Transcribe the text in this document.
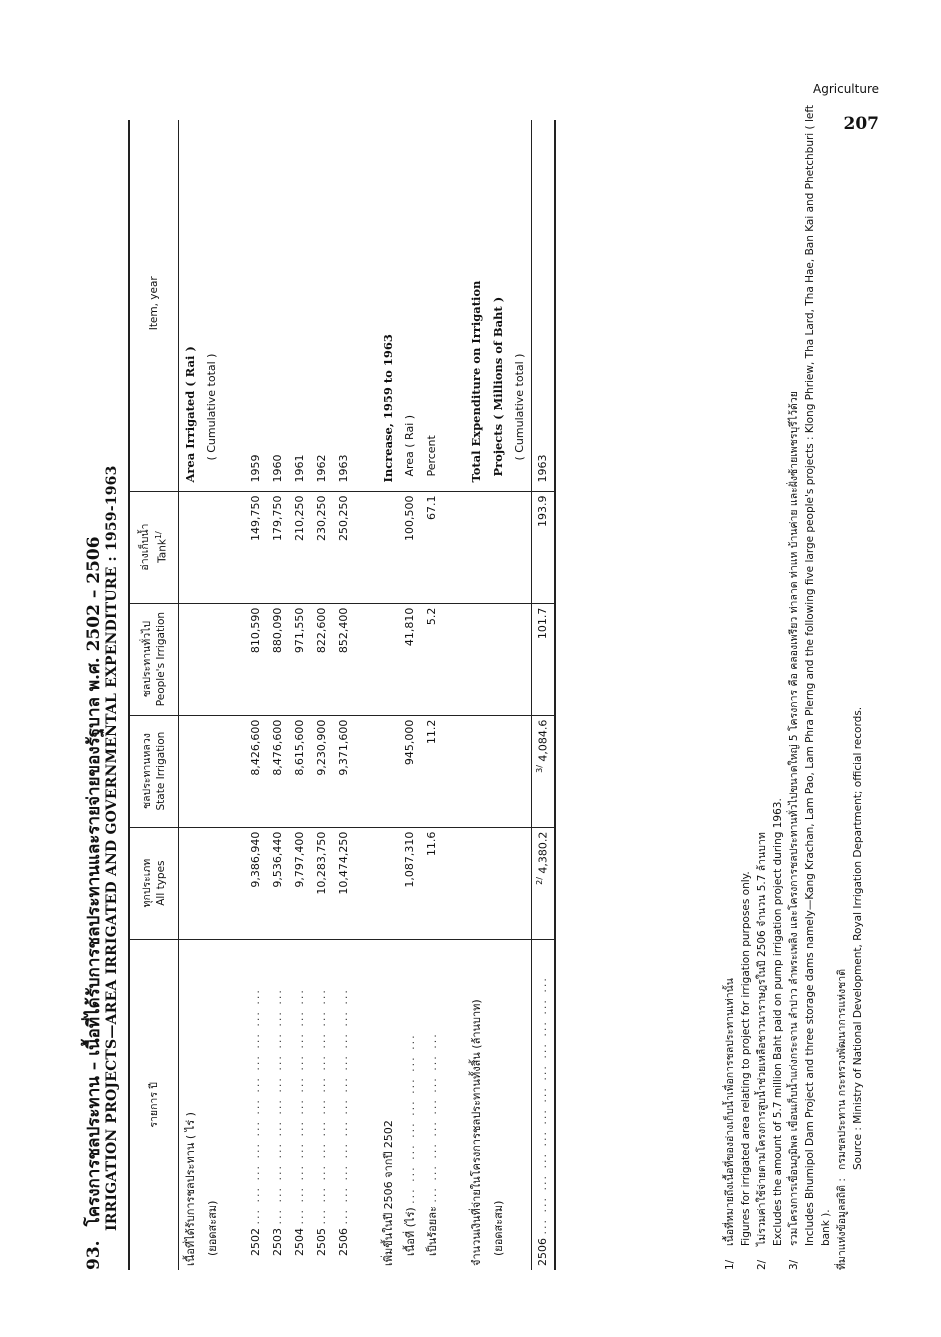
Agriculture
207
93.โครงการชลประทาน – เนื้อที่ได้รับการชลประทานและรายจ่ายของรัฐบาล พ.ศ. 2502 – 2506 IRRIGATION PROJECTS—AREA IRRIGATED AND GOVERNMENTAL EXPENDITURE : 1959-1963	รายการ ปี	ทุกประเภท All types	ชลประทานหลวง State Irrigation	ชลประทานทั่วไป People's Irrigation	อ่างเก็บน้ำ Tank$^{1/}$	Item, year
เนื้อที่ได้รับการชลประทาน ( ไร่ )					Area Irrigated ( Rai )
(ยอดสะสม)					( Cumulative total )

2502 ... ... ... ... ... ... ... ... ... ... ...	9,386,940	8,426,600	810,590	149,750	1959
2503 ... ... ... ... ... ... ... ... ... ... ...	9,536,440	8,476,600	880,090	179,750	1960
2504 ... ... ... ... ... ... ... ... ... ... ...	9,797,400	8,615,600	971,550	210,250	1961
2505 ... ... ... ... ... ... ... ... ... ... ...	10,283,750	9,230,900	822,600	230,250	1962
2506 ... ... ... ... ... ... ... ... ... ... ...	10,474,250	9,371,600	852,400	250,250	1963

เพิ่มขึ้นในปี 2506 จากปี 2502					Increase, 1959 to 1963
เนื้อที่ (ไร่) ... ... ... ... ... ... ... ...	1,087,310	945,000	41,810	100,500	Area ( Rai )
เป็นร้อยละ ... ... ... ... ... ... ... ...	11.6	11.2	5.2	67.1	Percent

จำนวนเงินที่จ่ายในโครงการชลประทานทั้งสิ้น (ล้านบาท)					Total Expenditure on Irrigation
(ยอดสะสม)					Projects ( Millions of Baht )
					( Cumulative total )
2506 ... ... ... ... ... ... ... ... ... ... ... ...	$^{2/}$ 4,380.2	$^{3/}$ 4,084.6	101.7	193.9	1963
1/
เนื้อที่หมายถึงเนื้อที่ของอ่างเก็บน้ำเพื่อการชลประทานเท่านั้น Figures for irrigated area relating to project for irrigation purposes only.
2/
ไม่รวมค่าใช้จ่ายตามโครงการสูบน้ำช่วยเหลือชาวนาราษฎรในปี 2506 จำนวน 5.7 ล้านบาท Excludes the amount of 5.7 million Baht paid on pump irrigation project during 1963.
3/
รวมโครงการเขื่อนภูมิพล เขื่อนเก็บน้ำแก่งกระจาน ลำปาว ลำพระเพลิง และโครงการชลประทานทั่วไปขนาดใหญ่ 5 โครงการ คือ คลองเพรียว ท่าลาด ท่าแห บ้านค่าย และฝั่งซ้ายเพชรบุรีไว้ด้วย Includes Bhumipol Dam Project and three storage dams namely—Kang Krachan, Lam Pao, Lam Phra Plerng and the following five large people's projects : Klong Phriew, Tha Lard, Tha Hae, Ban Kai and Phetchburi ( left bank ). ที่มาแห่งข้อมูลสถิติ :
กรมชลประทาน กระทรวงพัฒนาการแห่งชาติ Source : Ministry of National Development, Royal Irrigation Department; official records.
